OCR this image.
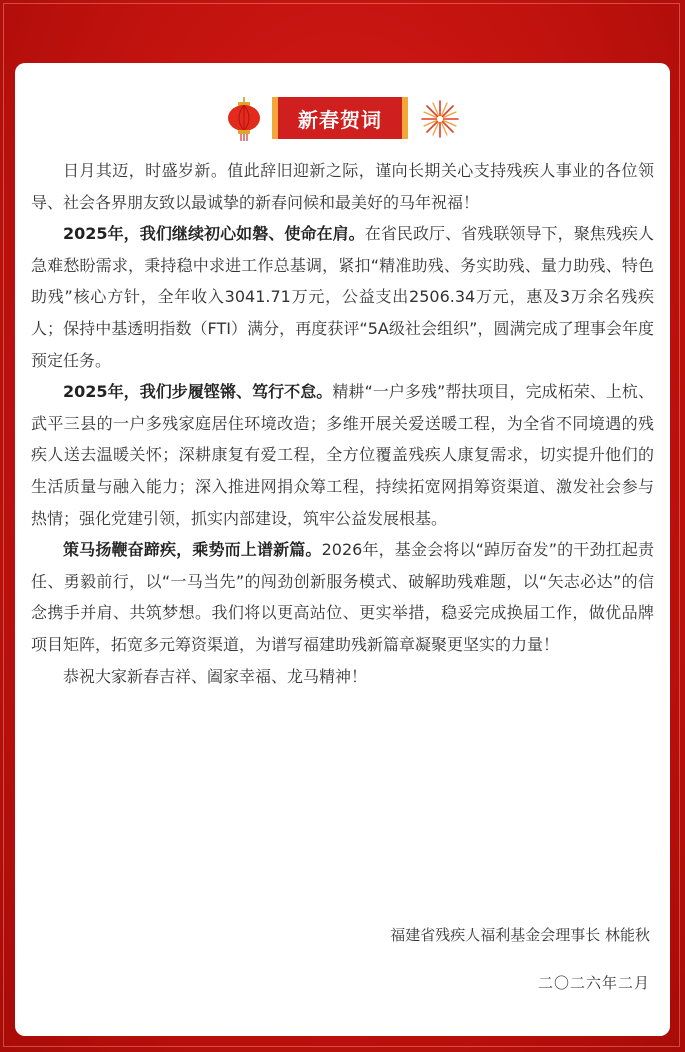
新春贺词

日月其迈，时盛岁新。值此辞旧迎新之际，谨向长期关心支持残疾人事业的各位领导、社会各界朋友致以最诚挚的新春问候和最美好的马年祝福！

2025年，我们继续初心如磐、使命在肩。在省民政厅、省残联领导下，聚焦残疾人急难愁盼需求，秉持稳中求进工作总基调，紧扣“精准助残、务实助残、量力助残、特色助残”核心方针，全年收入3041.71万元，公益支出2506.34万元，惠及3万余名残疾人；保持中基透明指数（FTI）满分，再度获评“5A级社会组织”，圆满完成了理事会年度预定任务。

2025年，我们步履铿锵、笃行不怠。精耕“一户多残”帮扶项目，完成柘荣、上杭、武平三县的一户多残家庭居住环境改造；多维开展关爱送暖工程，为全省不同境遇的残疾人送去温暖关怀；深耕康复有爱工程，全方位覆盖残疾人康复需求，切实提升他们的生活质量与融入能力；深入推进网捐众筹工程，持续拓宽网捐筹资渠道、激发社会参与热情；强化党建引领，抓实内部建设，筑牢公益发展根基。

策马扬鞭奋蹄疾，乘势而上谱新篇。2026年，基金会将以“踔厉奋发”的干劲扛起责任、勇毅前行，以“一马当先”的闯劲创新服务模式、破解助残难题，以“矢志必达”的信念携手并肩、共筑梦想。我们将以更高站位、更实举措，稳妥完成换届工作，做优品牌项目矩阵，拓宽多元筹资渠道，为谱写福建助残新篇章凝聚更坚实的力量！

恭祝大家新春吉祥、阖家幸福、龙马精神！

福建省残疾人福利基金会理事长 林能秋
二〇二六年二月
